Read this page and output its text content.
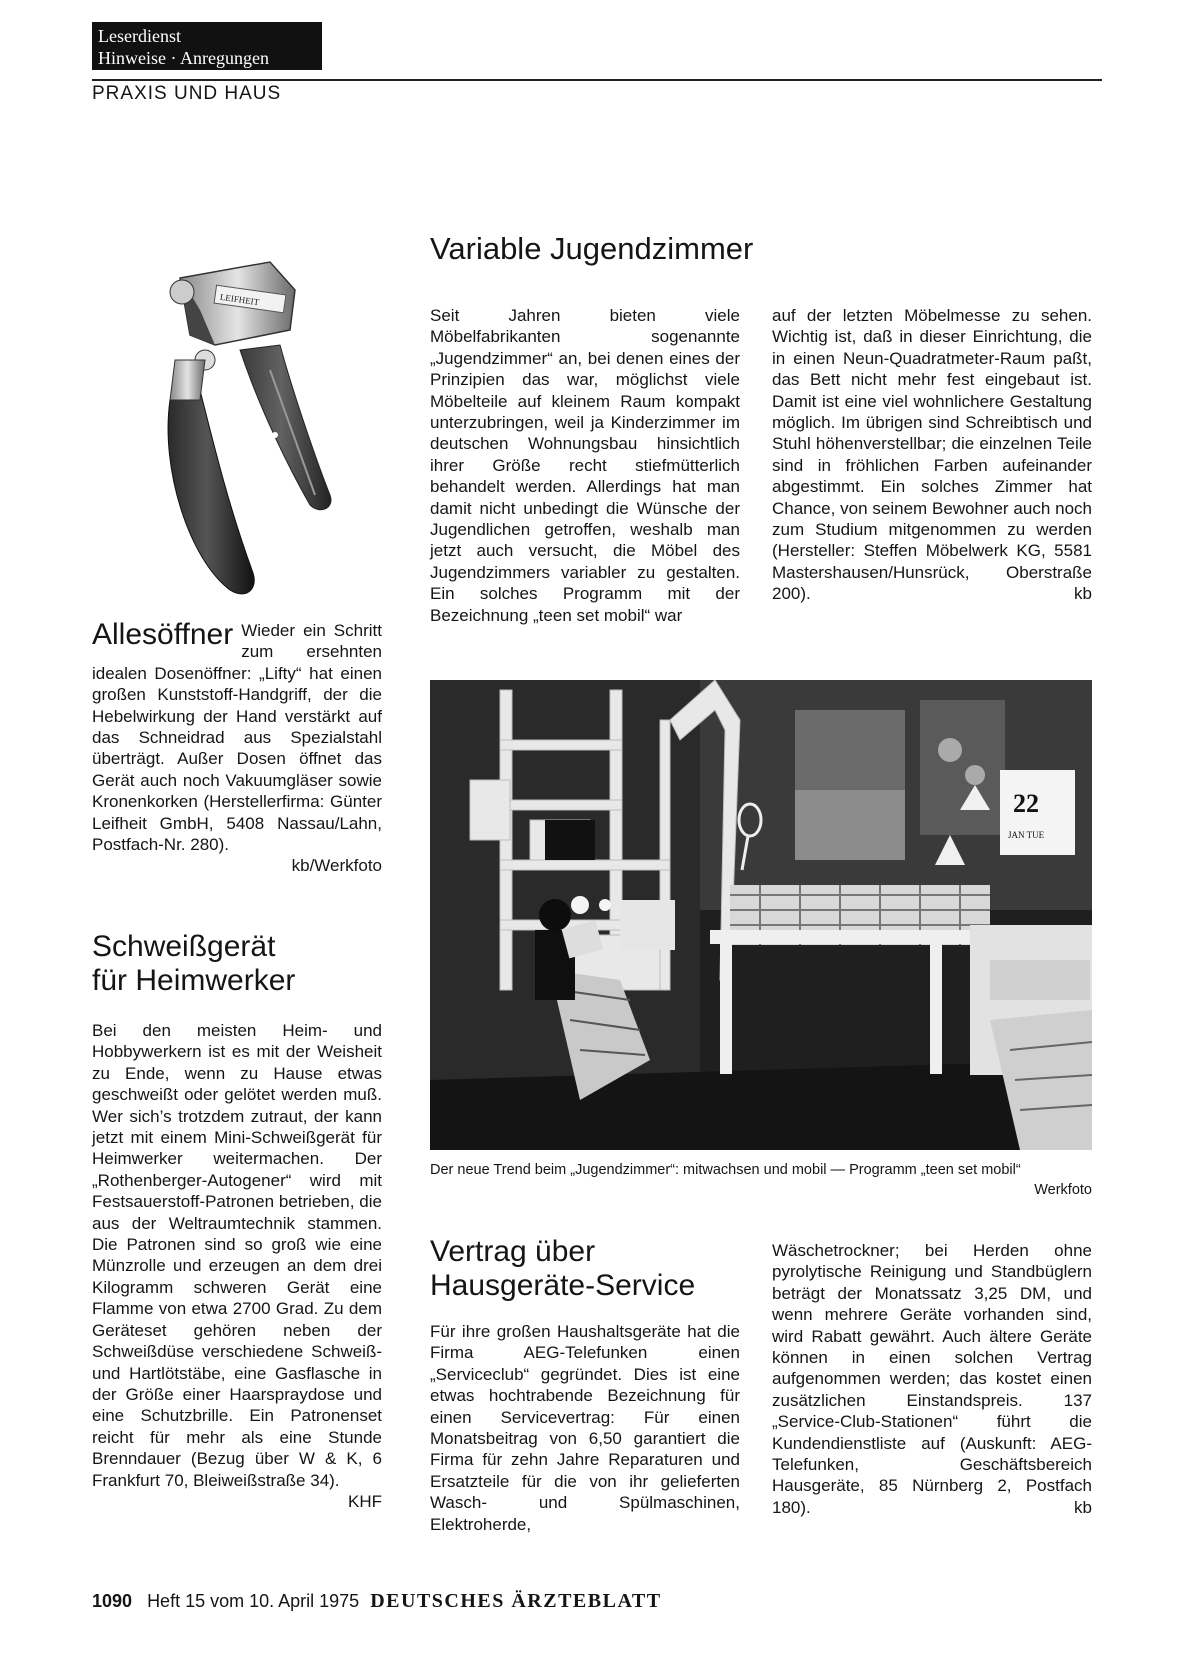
Leserdienst
Hinweise · Anregungen
PRAXIS UND HAUS
LEIFHEIT
Allesöffner Wieder ein Schritt zum ersehnten idealen Dosenöffner: „Lifty“ hat einen großen Kunststoff-Handgriff, der die Hebelwirkung der Hand verstärkt auf das Schneidrad aus Spezialstahl überträgt. Außer Dosen öffnet das Gerät auch noch Vakuumgläser sowie Kronenkorken (Herstellerfirma: Günter Leifheit GmbH, 5408 Nassau/Lahn, Postfach-Nr. 280).
kb/Werkfoto
Schweißgerät
für Heimwerker
Bei den meisten Heim- und Hobbywerkern ist es mit der Weisheit zu Ende, wenn zu Hause etwas geschweißt oder gelötet werden muß. Wer sich’s trotzdem zutraut, der kann jetzt mit einem Mini-Schweißgerät für Heimwerker weitermachen. Der „Rothenberger-Autogener“ wird mit Festsauerstoff-Patronen betrieben, die aus der Weltraumtechnik stammen. Die Patronen sind so groß wie eine Münzrolle und erzeugen an dem drei Kilogramm schweren Gerät eine Flamme von etwa 2700 Grad. Zu dem Geräteset gehören neben der Schweißdüse verschiedene Schweiß- und Hartlötstäbe, eine Gasflasche in der Größe einer Haarspraydose und eine Schutzbrille. Ein Patronenset reicht für mehr als eine Stunde Brenndauer (Bezug über W & K, 6 Frankfurt 70, Bleiweißstraße 34).
KHF
Variable Jugendzimmer
Seit Jahren bieten viele Möbelfabrikanten sogenannte „Jugendzimmer“ an, bei denen eines der Prinzipien das war, möglichst viele Möbelteile auf kleinem Raum kompakt unterzubringen, weil ja Kinderzimmer im deutschen Wohnungsbau hinsichtlich ihrer Größe recht stiefmütterlich behandelt werden. Allerdings hat man damit nicht unbedingt die Wünsche der Jugendlichen getroffen, weshalb man jetzt auch versucht, die Möbel des Jugendzimmers variabler zu gestalten. Ein solches Programm mit der Bezeichnung „teen set mobil“ war
auf der letzten Möbelmesse zu sehen. Wichtig ist, daß in dieser Einrichtung, die in einen Neun-Quadratmeter-Raum paßt, das Bett nicht mehr fest eingebaut ist. Damit ist eine viel wohnlichere Gestaltung möglich. Im übrigen sind Schreibtisch und Stuhl höhenverstellbar; die einzelnen Teile sind in fröhlichen Farben aufeinander abgestimmt. Ein solches Zimmer hat Chance, von seinem Bewohner auch noch zum Studium mitgenommen zu werden (Hersteller: Steffen Möbelwerk KG, 5581 Mastershausen/Hunsrück, Oberstraße 200).	kb
22
JAN TUE
Der neue Trend beim „Jugendzimmer“: mitwachsen und mobil — Programm „teen set mobil“
Werkfoto
Vertrag über
Hausgeräte-Service
Für ihre großen Haushaltsgeräte hat die Firma AEG-Telefunken einen „Serviceclub“ gegründet. Dies ist eine etwas hochtrabende Bezeichnung für einen Servicevertrag: Für einen Monatsbeitrag von 6,50 garantiert die Firma für zehn Jahre Reparaturen und Ersatzteile für die von ihr gelieferten Wasch- und Spülmaschinen, Elektroherde,
Wäschetrockner; bei Herden ohne pyrolytische Reinigung und Standbüglern beträgt der Monatssatz 3,25 DM, und wenn mehrere Geräte vorhanden sind, wird Rabatt gewährt. Auch ältere Geräte können in einen solchen Vertrag aufgenommen werden; das kostet einen zusätzlichen Einstandspreis. 137 „Service-Club-Stationen“ führt die Kundendienstliste auf (Auskunft: AEG-Telefunken, Geschäftsbereich Hausgeräte, 85 Nürnberg 2, Postfach 180).	kb
1090 Heft 15 vom 10. April 1975 DEUTSCHES ÄRZTEBLATT
